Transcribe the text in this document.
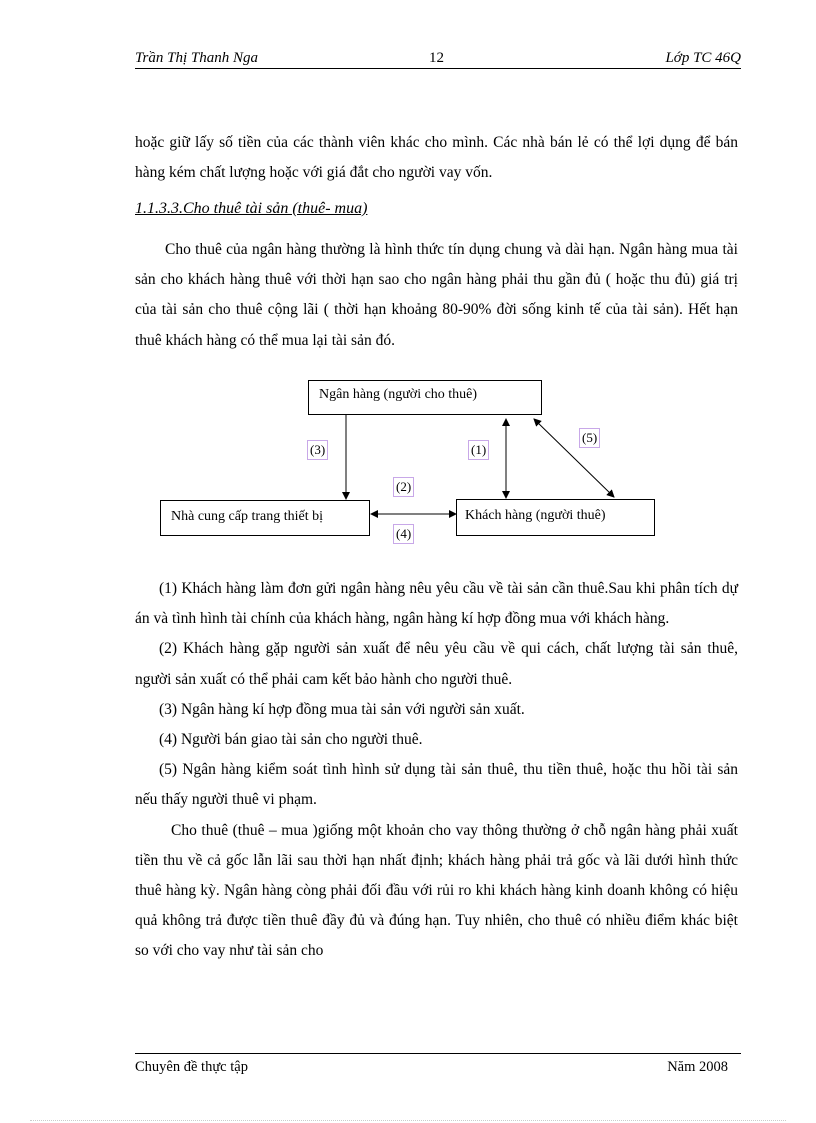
Trần Thị Thanh Nga	12	Lớp TC 46Q

hoặc giữ lấy số tiền của các thành viên khác cho mình. Các nhà bán lẻ có thể lợi dụng để bán hàng kém chất lượng hoặc với giá đắt cho người vay vốn.

1.1.3.3.Cho thuê tài sản (thuê- mua)

Cho thuê của ngân hàng thường là hình thức tín dụng chung và dài hạn. Ngân hàng mua tài sản cho khách hàng thuê với thời hạn sao cho ngân hàng phải thu gần đủ ( hoặc thu đủ) giá trị của tài sản cho thuê cộng lãi ( thời hạn khoảng 80-90% đời sống kinh tế của tài sản). Hết hạn thuê khách hàng có thể mua lại tài sản đó.

Ngân hàng (người cho thuê)
Nhà cung cấp trang thiết bị	Khách hàng (người thuê)
(3)	(1)
(5)
(2)
(4)

(1) Khách hàng làm đơn gửi ngân hàng nêu yêu cầu về tài sản cần thuê.Sau khi phân tích dự án và tình hình tài chính của khách hàng, ngân hàng kí hợp đồng mua với khách hàng.

(2) Khách hàng gặp người sản xuất để nêu yêu cầu về qui cách, chất lượng tài sản thuê, người sản xuất có thể phải cam kết bảo hành cho người thuê.

(3) Ngân hàng kí hợp đồng mua tài sản với người sản xuất.

(4) Người bán giao tài sản cho người thuê.

(5) Ngân hàng kiểm soát tình hình sử dụng tài sản thuê, thu tiền thuê, hoặc thu hồi tài sản nếu thấy người thuê vi phạm.

Cho thuê (thuê – mua )giống một khoản cho vay thông thường ở chỗ ngân hàng phải xuất tiền thu về cả gốc lẫn lãi sau thời hạn nhất định; khách hàng phải trả gốc và lãi dưới hình thức thuê hàng kỳ. Ngân hàng còng phải đối đầu với rủi ro khi khách hàng kinh doanh không có hiệu quả không trả được tiền thuê đầy đủ và đúng hạn. Tuy nhiên, cho thuê có nhiều điểm khác biệt so với cho vay như tài sản cho

Chuyên đề thực tập	Năm 2008
